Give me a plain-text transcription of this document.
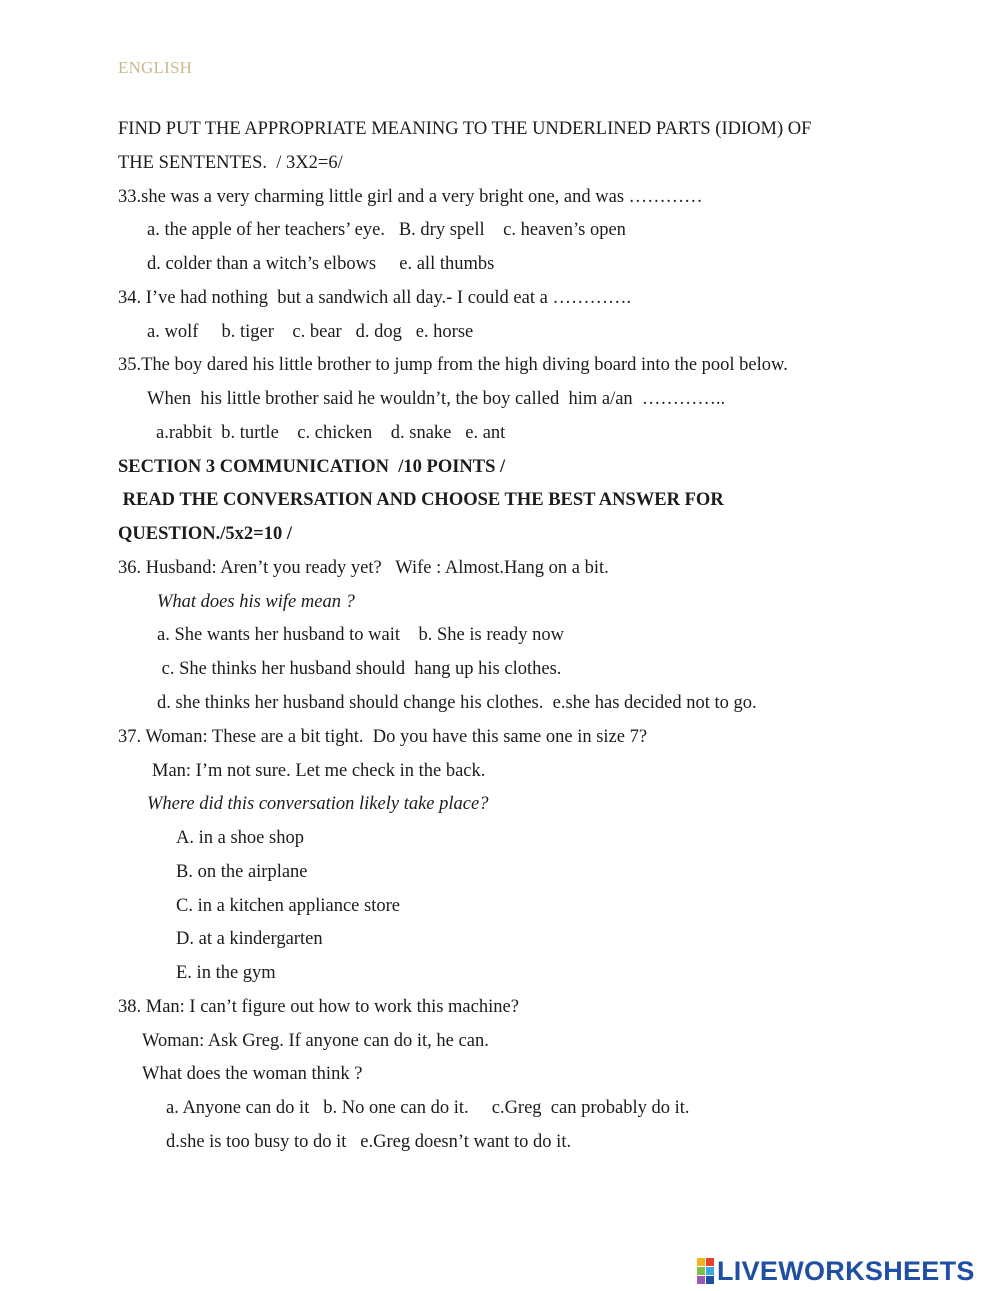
ENGLISH
FIND PUT THE APPROPRIATE MEANING TO THE UNDERLINED PARTS (IDIOM) OF
THE SENTENTES.  / 3X2=6/
33.she was a very charming little girl and a very bright one, and was …………
a. the apple of her teachers’ eye.   B. dry spell    c. heaven’s open
d. colder than a witch’s elbows     e. all thumbs
34. I’ve had nothing  but a sandwich all day.- I could eat a ………….
a. wolf     b. tiger    c. bear   d. dog   e. horse
35.The boy dared his little brother to jump from the high diving board into the pool below.
When  his little brother said he wouldn’t, the boy called  him a/an  …………..
a.rabbit  b. turtle    c. chicken    d. snake   e. ant
SECTION 3 COMMUNICATION  /10 POINTS /
READ THE CONVERSATION AND CHOOSE THE BEST ANSWER FOR
QUESTION./5x2=10 /
36. Husband: Aren’t you ready yet?   Wife : Almost.Hang on a bit.
What does his wife mean ?
a. She wants her husband to wait    b. She is ready now
c. She thinks her husband should  hang up his clothes.
d. she thinks her husband should change his clothes.  e.she has decided not to go.
37. Woman: These are a bit tight.  Do you have this same one in size 7?
Man: I’m not sure. Let me check in the back.
Where did this conversation likely take place?
A. in a shoe shop
B. on the airplane
C. in a kitchen appliance store
D. at a kindergarten
E. in the gym
38. Man: I can’t figure out how to work this machine?
Woman: Ask Greg. If anyone can do it, he can.
What does the woman think ?
a. Anyone can do it   b. No one can do it.     c.Greg  can probably do it.
d.she is too busy to do it   e.Greg doesn’t want to do it.
LIVEWORKSHEETS
